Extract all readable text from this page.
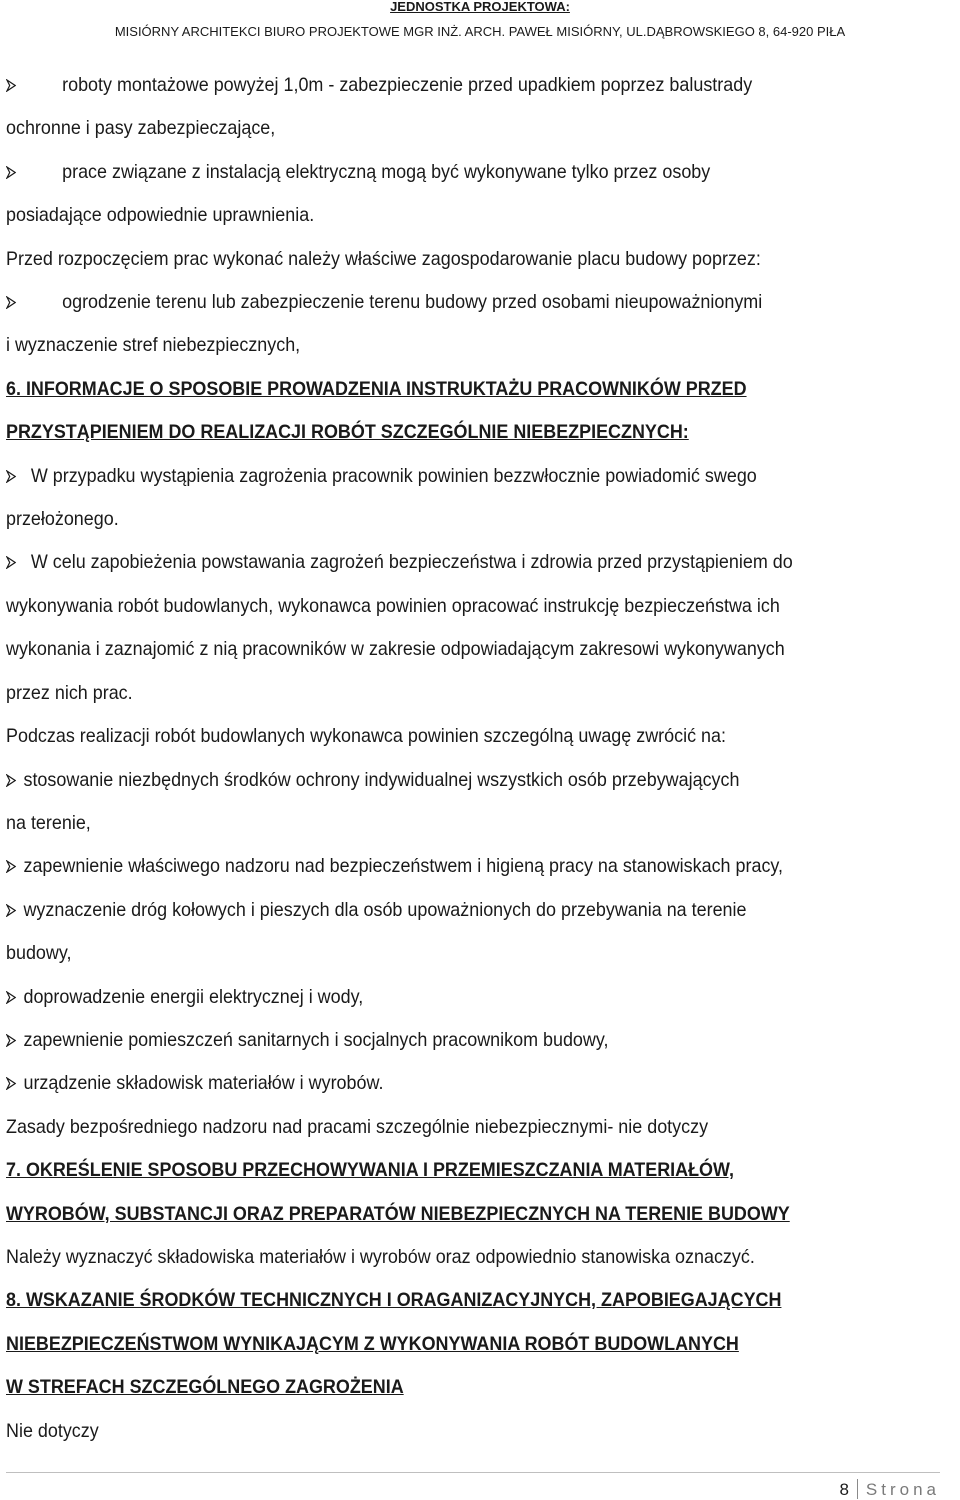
JEDNOSTKA PROJEKTOWA:
MISIÓRNY ARCHITEKCI BIURO PROJEKTOWE MGR INŻ. ARCH. PAWEŁ MISIÓRNY, UL.DĄBROWSKIEGO 8, 64-920 PIŁA
roboty montażowe powyżej 1,0m - zabezpieczenie przed upadkiem poprzez balustrady
ochronne i pasy zabezpieczające,
prace związane z instalacją elektryczną mogą być wykonywane tylko przez osoby
posiadające odpowiednie uprawnienia.
Przed rozpoczęciem prac wykonać należy właściwe zagospodarowanie placu budowy poprzez:
ogrodzenie terenu lub zabezpieczenie terenu budowy przed osobami nieupoważnionymi
i wyznaczenie stref niebezpiecznych,
6. INFORMACJE O SPOSOBIE PROWADZENIA INSTRUKTAŻU PRACOWNIKÓW PRZED
PRZYSTĄPIENIEM DO REALIZACJI ROBÓT SZCZEGÓLNIE NIEBEZPIECZNYCH:
W przypadku wystąpienia zagrożenia pracownik powinien bezzwłocznie powiadomić swego
przełożonego.
W celu zapobieżenia powstawania zagrożeń bezpieczeństwa i zdrowia przed przystąpieniem do
wykonywania robót budowlanych, wykonawca powinien opracować instrukcję bezpieczeństwa ich
wykonania i zaznajomić z nią pracowników w zakresie odpowiadającym zakresowi wykonywanych
przez nich prac.
Podczas realizacji robót budowlanych wykonawca powinien szczególną uwagę zwrócić na:
stosowanie niezbędnych środków ochrony indywidualnej wszystkich osób przebywających
na terenie,
zapewnienie właściwego nadzoru nad bezpieczeństwem i higieną pracy na stanowiskach pracy,
wyznaczenie dróg kołowych i pieszych dla osób upoważnionych do przebywania na terenie
budowy,
doprowadzenie energii elektrycznej i wody,
zapewnienie pomieszczeń sanitarnych i socjalnych pracownikom budowy,
urządzenie składowisk materiałów i wyrobów.
Zasady bezpośredniego nadzoru nad pracami szczególnie niebezpiecznymi- nie dotyczy
7. OKREŚLENIE SPOSOBU PRZECHOWYWANIA I PRZEMIESZCZANIA MATERIAŁÓW,
WYROBÓW, SUBSTANCJI ORAZ PREPARATÓW NIEBEZPIECZNYCH NA TERENIE BUDOWY
Należy wyznaczyć składowiska materiałów i wyrobów oraz odpowiednio stanowiska oznaczyć.
8. WSKAZANIE ŚRODKÓW TECHNICZNYCH I ORAGANIZACYJNYCH, ZAPOBIEGAJĄCYCH
NIEBEZPIECZEŃSTWOM WYNIKAJĄCYM Z WYKONYWANIA ROBÓT BUDOWLANYCH
W STREFACH SZCZEGÓLNEGO ZAGROŻENIA
Nie dotyczy
8 Strona
